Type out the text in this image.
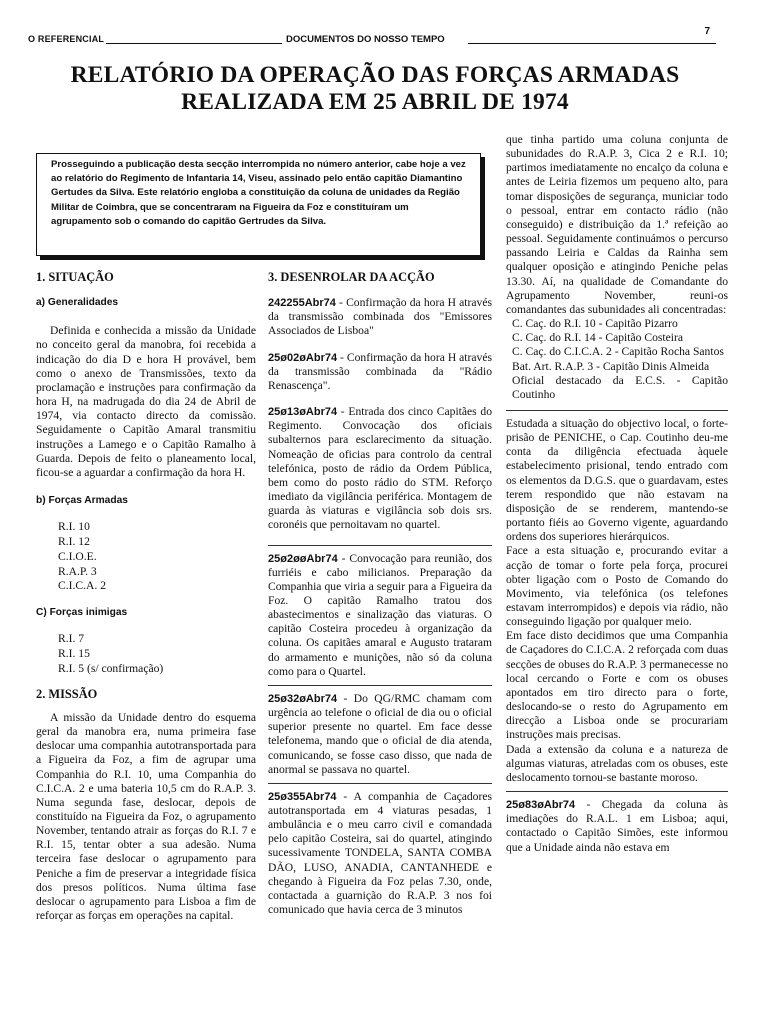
O REFERENCIAL	DOCUMENTOS DO NOSSO TEMPO
7
RELATÓRIO DA OPERAÇÃO DAS FORÇAS ARMADAS
REALIZADA EM 25 ABRIL DE 1974
Prosseguindo a publicação desta secção interrompida no número anterior, cabe hoje a vez ao relatório do Regimento de Infantaria 14, Viseu, assinado pelo então capitão Diamantino Gertudes da Silva. Este relatório engloba a constituição da coluna de unidades da Região Militar de Coimbra, que se concentraram na Figueira da Foz e constituíram um agrupamento sob o comando do capitão Gertrudes da Silva.
1. SITUAÇÃO
a) Generalidades

Definida e conhecida a missão da Unidade no conceito geral da manobra, foi recebida a indicação do dia D e hora H provável, bem como o anexo de Transmissões, texto da proclamação e instruções para confirmação da hora H, na madrugada do dia 24 de Abril de 1974, via contacto directo da comissão. Seguidamente o Capitão Amaral transmitiu instruções a Lamego e o Capitão Ramalho à Guarda. Depois de feito o planeamento local, ficou-se a aguardar a confirmação da hora H.

b) Forças Armadas
R.I. 10
R.I. 12
C.I.O.E.
R.A.P. 3
C.I.C.A. 2
C) Forças inimigas
R.I. 7
R.I. 15
R.I. 5 (s/ confirmação)
2. MISSÃO

A missão da Unidade dentro do esquema geral da manobra era, numa primeira fase deslocar uma companhia autotransportada para a Figueira da Foz, a fim de agrupar uma Companhia do R.I. 10, uma Companhia do C.I.C.A. 2 e uma bateria 10,5 cm do R.A.P. 3. Numa segunda fase, deslocar, depois de constituído na Figueira da Foz, o agrupamento November, tentando atrair as forças do R.I. 7 e R.I. 15, tentar obter a sua adesão. Numa terceira fase deslocar o agrupamento para Peniche a fim de preservar a integridade física dos presos políticos. Numa última fase deslocar o agrupamento para Lisboa a fim de reforçar as forças em operações na capital.

3. DESENROLAR DA ACÇÃO

242255Abr74 - Confirmação da hora H através da transmissão combinada dos "Emissores Associados de Lisboa"

25ø02øAbr74 - Confirmação da hora H através da transmissão combinada da "Rádio Renascença".

25ø13øAbr74 - Entrada dos cinco Capitães do Regimento. Convocação dos oficiais subalternos para esclarecimento da situação. Nomeação de oficias para controlo da central telefónica, posto de rádio da Ordem Pública, bem como do posto rádio do STM. Reforço imediato da vigilância periférica. Montagem de guarda às viaturas e vigilância sob dois srs. coronéis que pernoitavam no quartel.

25ø2øøAbr74 - Convocação para reunião, dos furriéis e cabo milicianos. Preparação da Companhia que viria a seguir para a Figueira da Foz. O capitão Ramalho tratou dos abastecimentos e sinalização das viaturas. O capitão Costeira procedeu à organização da coluna. Os capitães amaral e Augusto trataram do armamento e munições, não só da coluna como para o Quartel.

25ø32øAbr74 - Do QG/RMC chamam com urgência ao telefone o oficial de dia ou o oficial superior presente no quartel. Em face desse telefonema, mando que o oficial de dia atenda, comunicando, se fosse caso disso, que nada de anormal se passava no quartel.

25ø355Abr74 - A companhia de Caçadores autotransportada em 4 viaturas pesadas, 1 ambulância e o meu carro civil e comandada pelo capitão Costeira, sai do quartel, atingindo sucessivamente TONDELA, SANTA COMBA DÃO, LUSO, ANADIA, CANTANHEDE e chegando à Figueira da Foz pelas 7.30, onde, contactada a guarnição do R.A.P. 3 nos foi comunicado que havia cerca de 3 minutos

que tinha partido uma coluna conjunta de subunidades do R.A.P. 3, Cica 2 e R.I. 10; partimos imediatamente no encalço da coluna e antes de Leiria fizemos um pequeno alto, para tomar disposições de segurança, municiar todo o pessoal, entrar em contacto rádio (não conseguido) e distribuição da 1.ª refeição ao pessoal. Seguidamente continuámos o percurso passando Leiria e Caldas da Rainha sem qualquer oposição e atingindo Peniche pelas 13.30. Aí, na qualidade de Comandante do Agrupamento November, reuni-os comandantes das subunidades ali concentradas:

C. Caç. do R.I. 10 - Capitão Pizarro
C. Caç. do R.I. 14 - Capitão Costeira
C. Caç. do C.I.C.A. 2 - Capitão Rocha Santos
Bat. Art. R.A.P. 3 - Capitão Dinis Almeida
Oficial destacado da E.C.S. - Capitão Coutinho

Estudada a situação do objectivo local, o forte-prisão de PENICHE, o Cap. Coutinho deu-me conta da diligência efectuada àquele estabelecimento prisional, tendo entrado com os elementos da D.G.S. que o guardavam, estes terem respondido que não estavam na disposição de se renderem, mantendo-se portanto fiéis ao Governo vigente, aguardando ordens dos superiores hierárquicos.

Face a esta situação e, procurando evitar a acção de tomar o forte pela força, procurei obter ligação com o Posto de Comando do Movimento, via telefónica (os telefones estavam interrompidos) e depois via rádio, não conseguindo ligação por qualquer meio.

Em face disto decidimos que uma Companhia de Caçadores do C.I.C.A. 2 reforçada com duas secções de obuses do R.A.P. 3 permanecesse no local cercando o Forte e com os obuses apontados em tiro directo para o forte, deslocando-se o resto do Agrupamento em direcção a Lisboa onde se procurariam instruções mais precisas.

Dada a extensão da coluna e a natureza de algumas viaturas, atreladas com os obuses, este deslocamento tornou-se bastante moroso.

25ø83øAbr74 - Chegada da coluna às imediações do R.A.L. 1 em Lisboa; aqui, contactado o Capitão Simões, este informou que a Unidade ainda não estava em
